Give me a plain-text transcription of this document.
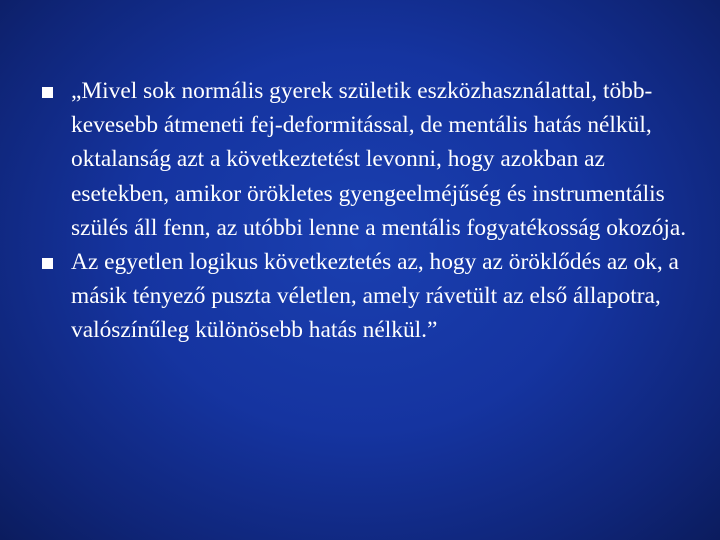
„Mivel sok normális gyerek születik eszközhasználattal, több-kevesebb átmeneti fej-deformitással, de mentális hatás nélkül, oktalanság azt a következtetést levonni, hogy azokban az esetekben, amikor örökletes gyengeelméjűség és instrumentális szülés áll fenn, az utóbbi lenne a mentális fogyatékosság okozója.
Az egyetlen logikus következtetés az, hogy az öröklődés az ok, a másik tényező puszta véletlen, amely rávetült az első állapotra, valószínűleg különösebb hatás nélkül.”
